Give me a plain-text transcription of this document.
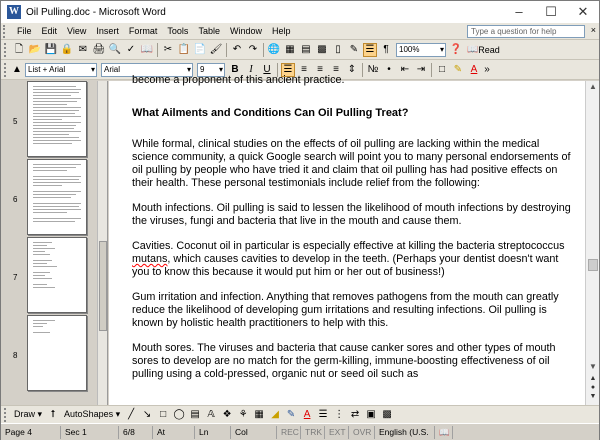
W Oil Pulling.doc - Microsoft Word	–	☐	✕
File	Edit	View	Insert	Format	Tools	Table	Window	Help	Type a question for help	×
🗋 📂 💾 🔒 ✉ 🖨 🔍 ✓ 📖 ✂ 📋 📄 🖌 ↶ ↷ 🌐 ▦ ▤ ▩ ▯ ✎ ☰ ¶	100% ▾	❓ 📖 Read
▲ List + Arial ▾	Arial ▾	9 ▾	B	I	U	☰ ≡	≡	≡ ⇕ № •	⇤ ⇥	□ ✎ A »
5
6
7
8

become a proponent of this ancient practice.

What Ailments and Conditions Can Oil Pulling Treat?

While formal, clinical studies on the effects of oil pulling are lacking within the medical science community, a quick Google search will point you to many personal endorsements of oil pulling by people who have tried it and claim that oil pulling has had positive effects on their health. These personal testimonials include relief from the following:

Mouth infections. Oil pulling is said to lessen the likelihood of mouth infections by destroying the viruses, fungi and bacteria that live in the mouth and cause them.

Cavities. Coconut oil in particular is especially effective at killing the bacteria streptococcus mutans, which causes cavities to develop in the teeth. (Perhaps your dentist doesn't want you to know this because it would put him or her out of business!)

Gum irritation and infection. Anything that removes pathogens from the mouth can greatly reduce the likelihood of developing gum irritations and resulting infections. Oil pulling is known by holistic health practitioners to help with this.

Mouth sores. The viruses and bacteria that cause canker sores and other types of mouth sores to develop are no match for the germ-killing, immune-boosting effectiveness of oil pulling using a cold-pressed, organic nut or seed oil such as

▲
▼
▲
●
▼
Draw ▾ ⭡ AutoShapes ▾ ╱ ↘ □ ◯ ▤ 𝔸 ❖ ⚘ ▦ ◢ ✎ A ☰ ⋮ ⇄ ▣ ▩
Page 4	Sec 1	6/8	At	Ln	Col	REC TRK EXT OVR English (U.S.	📖
